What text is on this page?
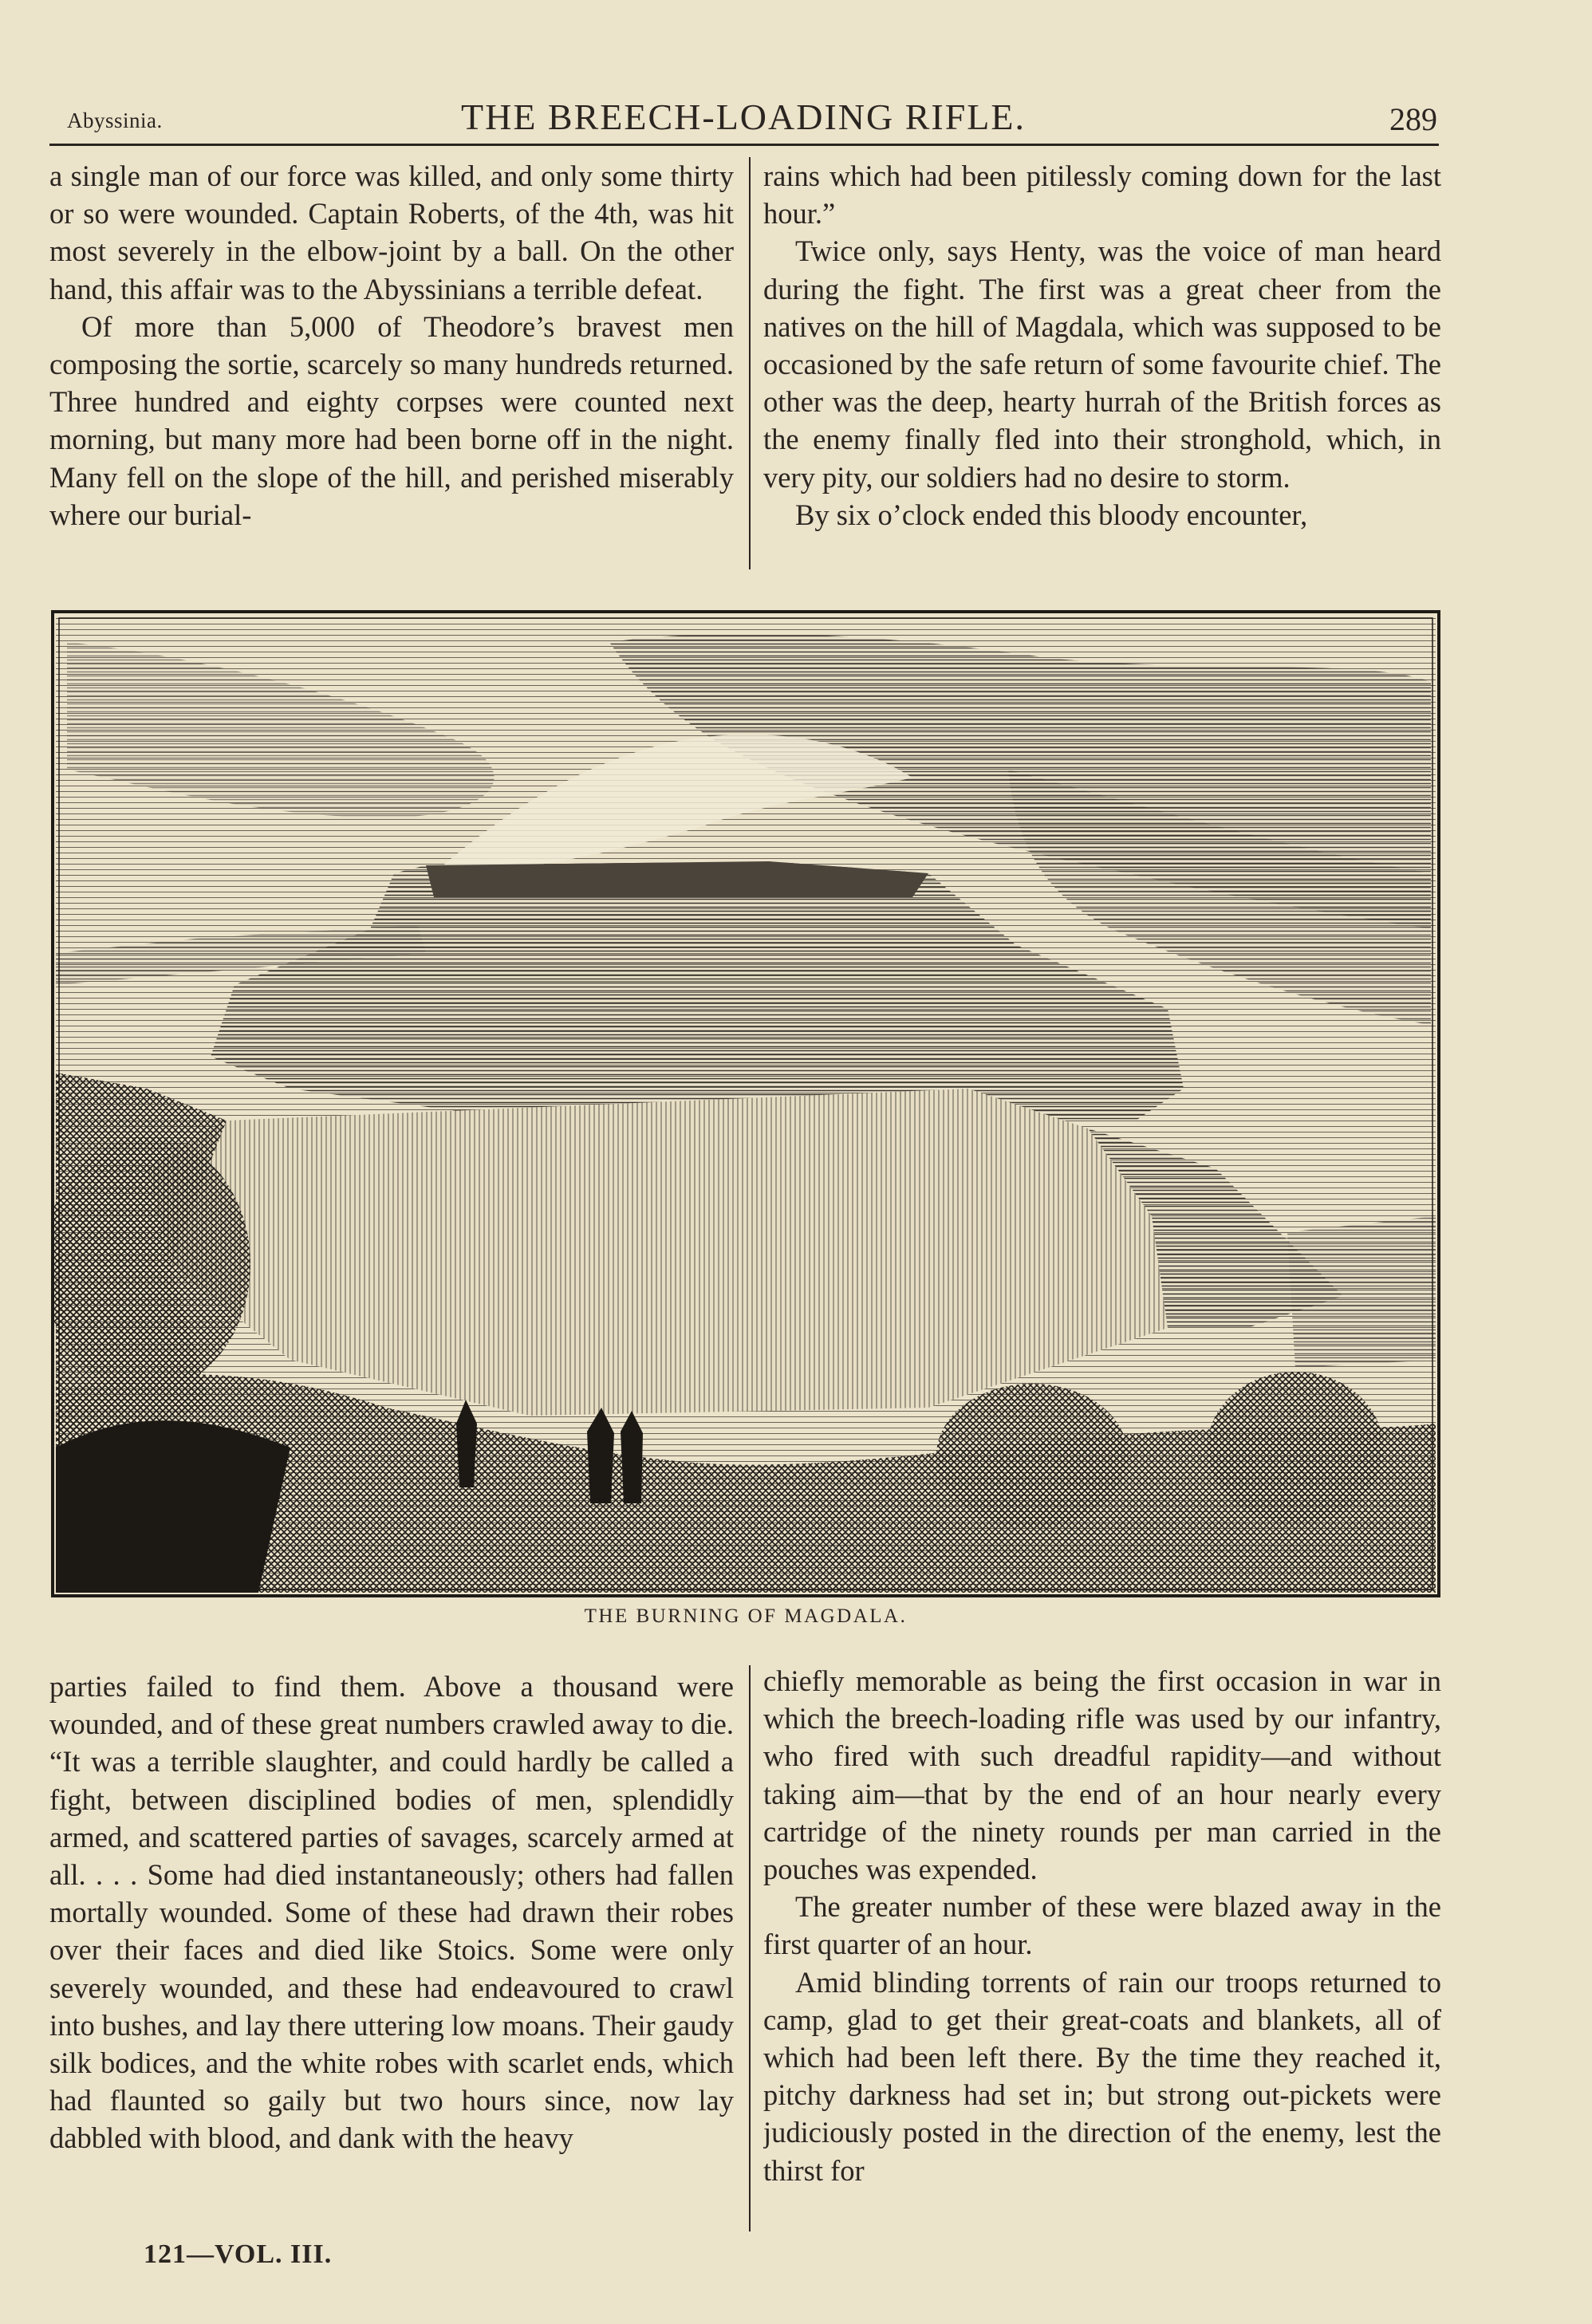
Abyssinia.	THE BREECH-LOADING RIFLE.	289

a single man of our force was killed, and only some thirty or so were wounded. Captain Roberts, of the 4th, was hit most severely in the elbow-joint by a ball. On the other hand, this affair was to the Abyssinians a terrible defeat.

Of more than 5,000 of Theodore’s bravest men composing the sortie, scarcely so many hundreds returned. Three hundred and eighty corpses were counted next morning, but many more had been borne off in the night. Many fell on the slope of the hill, and perished miserably where our burial-

rains which had been pitilessly coming down for the last hour.”

Twice only, says Henty, was the voice of man heard during the fight. The first was a great cheer from the natives on the hill of Magdala, which was supposed to be occasioned by the safe return of some favourite chief. The other was the deep, hearty hurrah of the British forces as the enemy finally fled into their stronghold, which, in very pity, our soldiers had no desire to storm.

By six o’clock ended this bloody encounter,

THE BURNING OF MAGDALA.

parties failed to find them. Above a thousand were wounded, and of these great numbers crawled away to die. “It was a terrible slaughter, and could hardly be called a fight, between disciplined bodies of men, splendidly armed, and scattered parties of savages, scarcely armed at all. . . . Some had died instantaneously; others had fallen mortally wounded. Some of these had drawn their robes over their faces and died like Stoics. Some were only severely wounded, and these had endeavoured to crawl into bushes, and lay there uttering low moans. Their gaudy silk bodices, and the white robes with scarlet ends, which had flaunted so gaily but two hours since, now lay dabbled with blood, and dank with the heavy

chiefly memorable as being the first occasion in war in which the breech-loading rifle was used by our infantry, who fired with such dreadful rapidity—and without taking aim—that by the end of an hour nearly every cartridge of the ninety rounds per man carried in the pouches was expended.

The greater number of these were blazed away in the first quarter of an hour.

Amid blinding torrents of rain our troops returned to camp, glad to get their great-coats and blankets, all of which had been left there. By the time they reached it, pitchy darkness had set in; but strong out-pickets were judiciously posted in the direction of the enemy, lest the thirst for

121—VOL. III.
